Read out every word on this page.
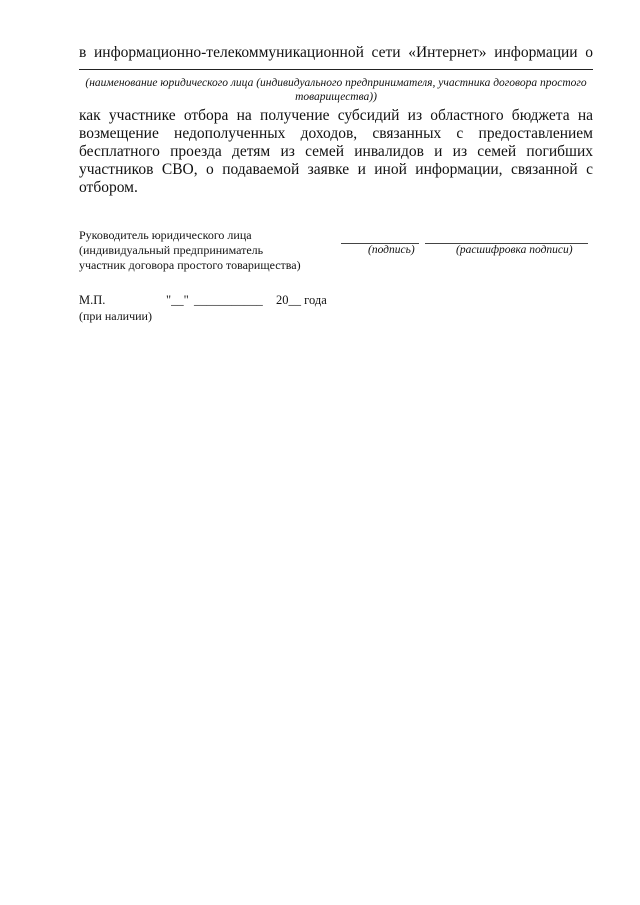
в информационно-телекоммуникационной сети «Интернет» информации о
(наименование юридического лица (индивидуального предпринимателя, участника договора простого товарищества))
как участнике отбора на получение субсидий из областного бюджета на возмещение недополученных доходов, связанных с предоставлением бесплатного проезда детям из семей инвалидов и из семей погибших участников СВО, о подаваемой заявке и иной информации, связанной с отбором.
Руководитель юридического лица
(индивидуальный предприниматель
участник договора простого товарищества)
(подпись)	(расшифровка подписи)
М.П.	"__" ___________ 20__ года
(при наличии)
